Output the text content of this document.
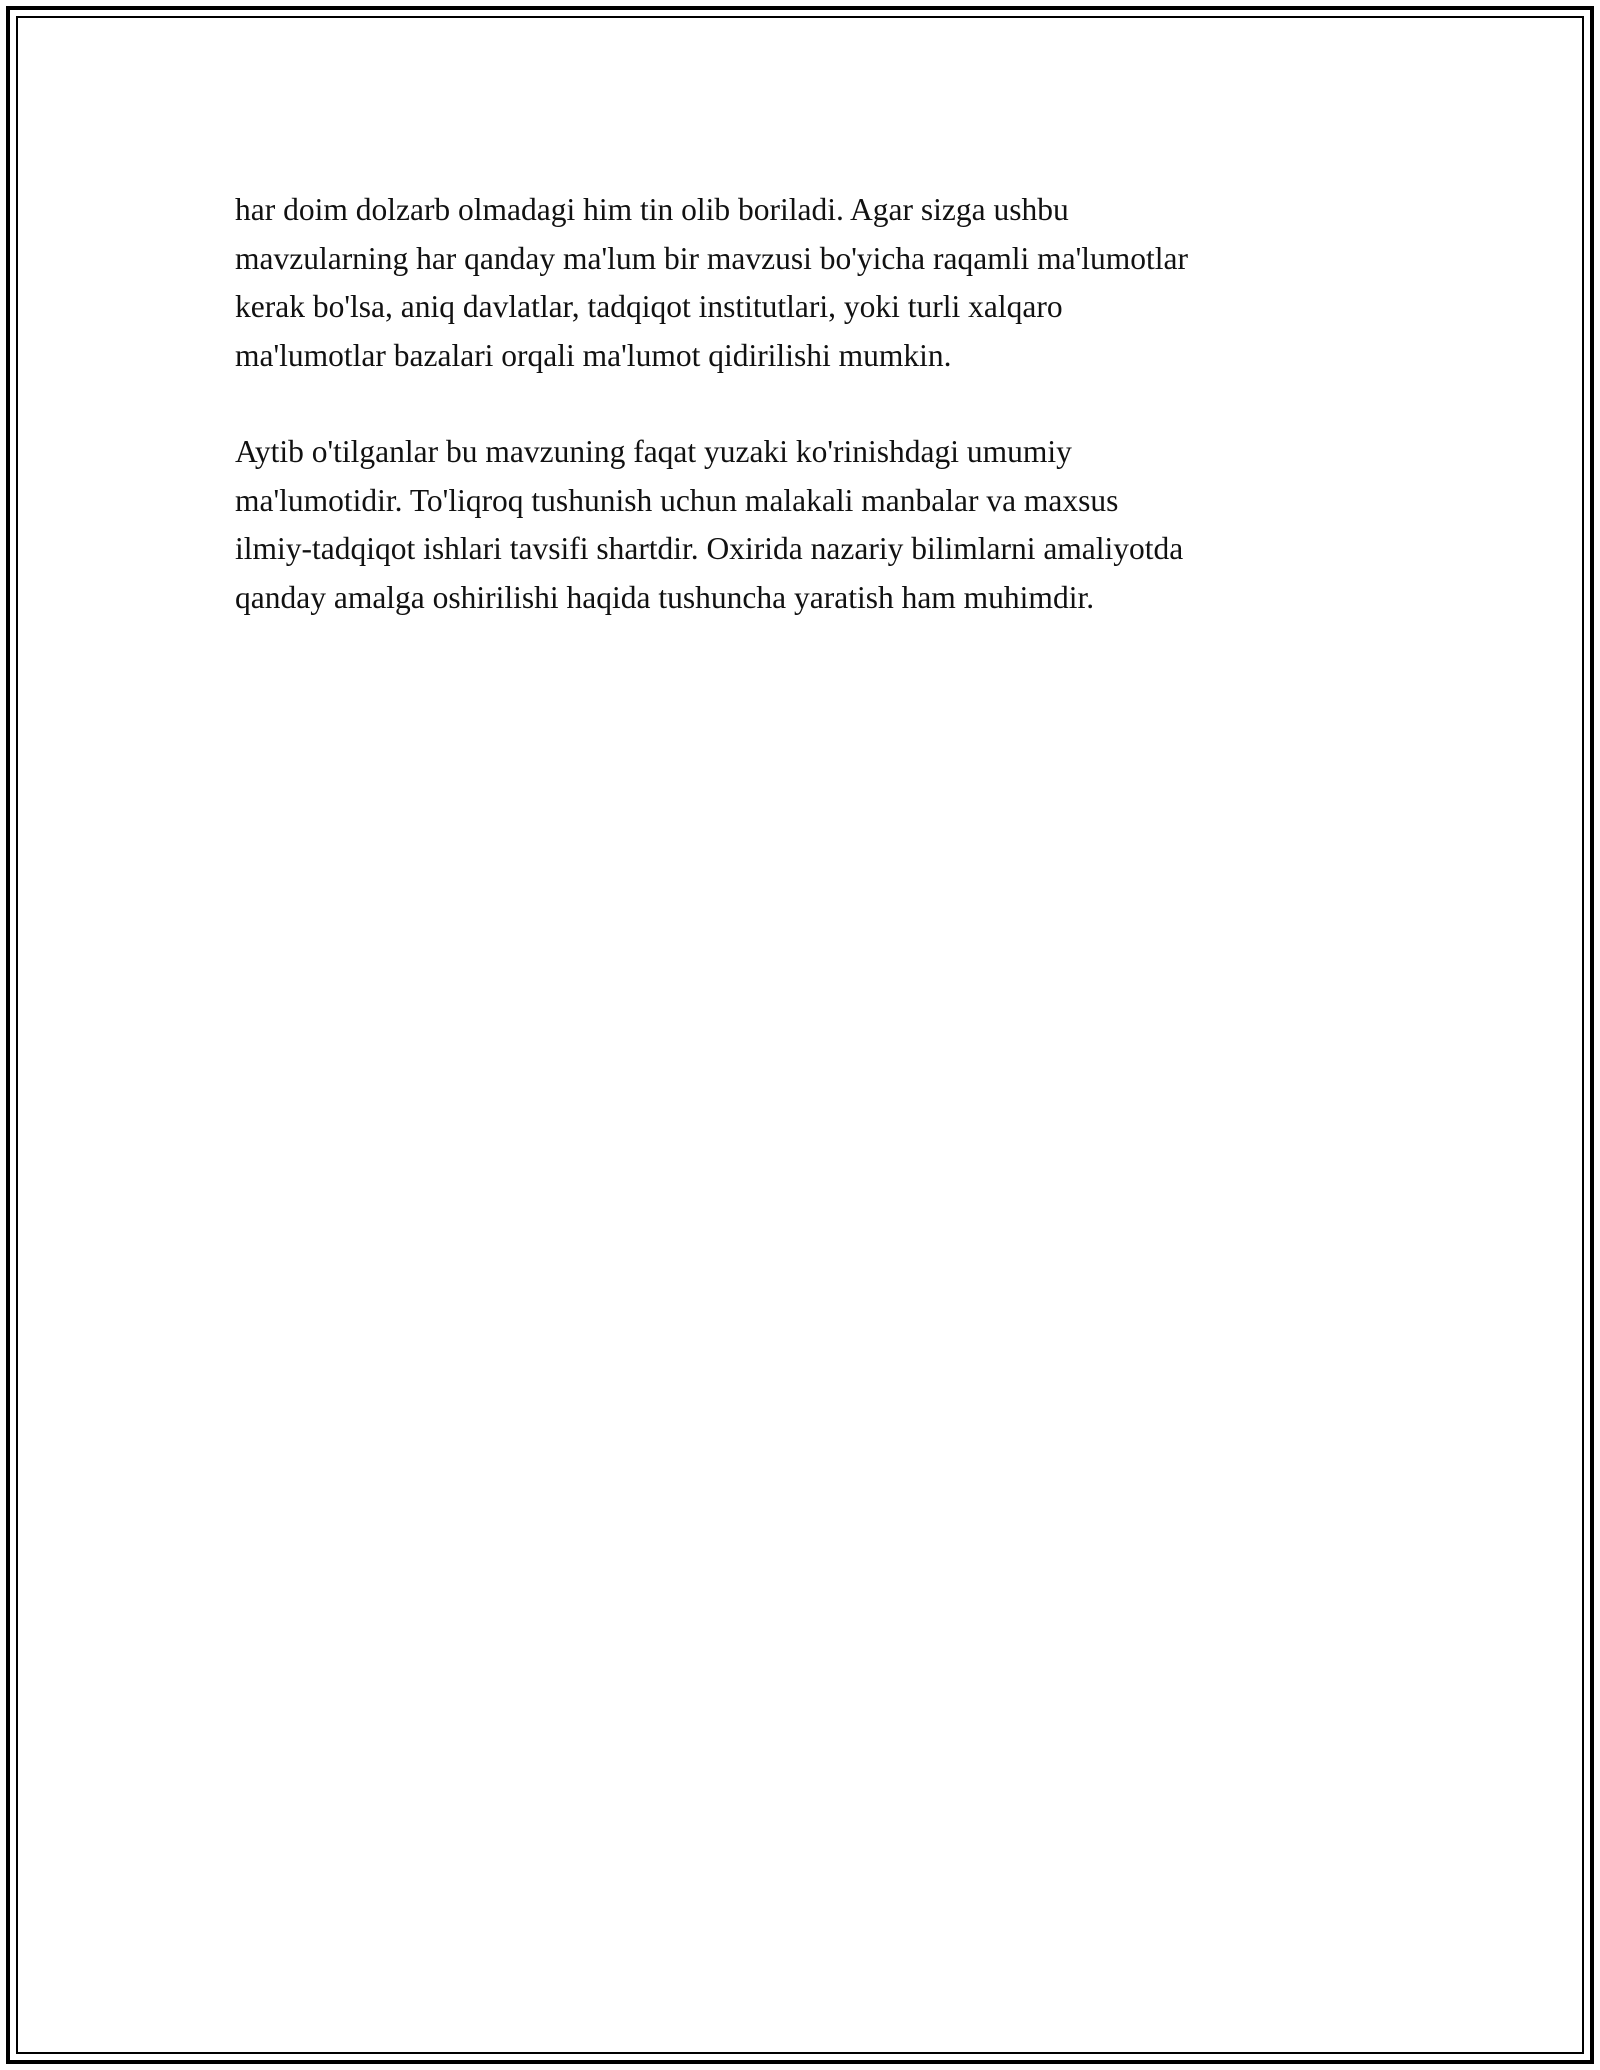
har doim dolzarb olmadagi him tin olib boriladi. Agar sizga ushbu
mavzularning har qanday ma'lum bir mavzusi bo'yicha raqamli ma'lumotlar
kerak bo'lsa, aniq davlatlar, tadqiqot institutlari, yoki turli xalqaro
ma'lumotlar bazalari orqali ma'lumot qidirilishi mumkin.

Aytib o'tilganlar bu mavzuning faqat yuzaki ko'rinishdagi umumiy
ma'lumotidir. To'liqroq tushunish uchun malakali manbalar va maxsus
ilmiy-tadqiqot ishlari tavsifi shartdir. Oxirida nazariy bilimlarni amaliyotda
qanday amalga oshirilishi haqida tushuncha yaratish ham muhimdir.
